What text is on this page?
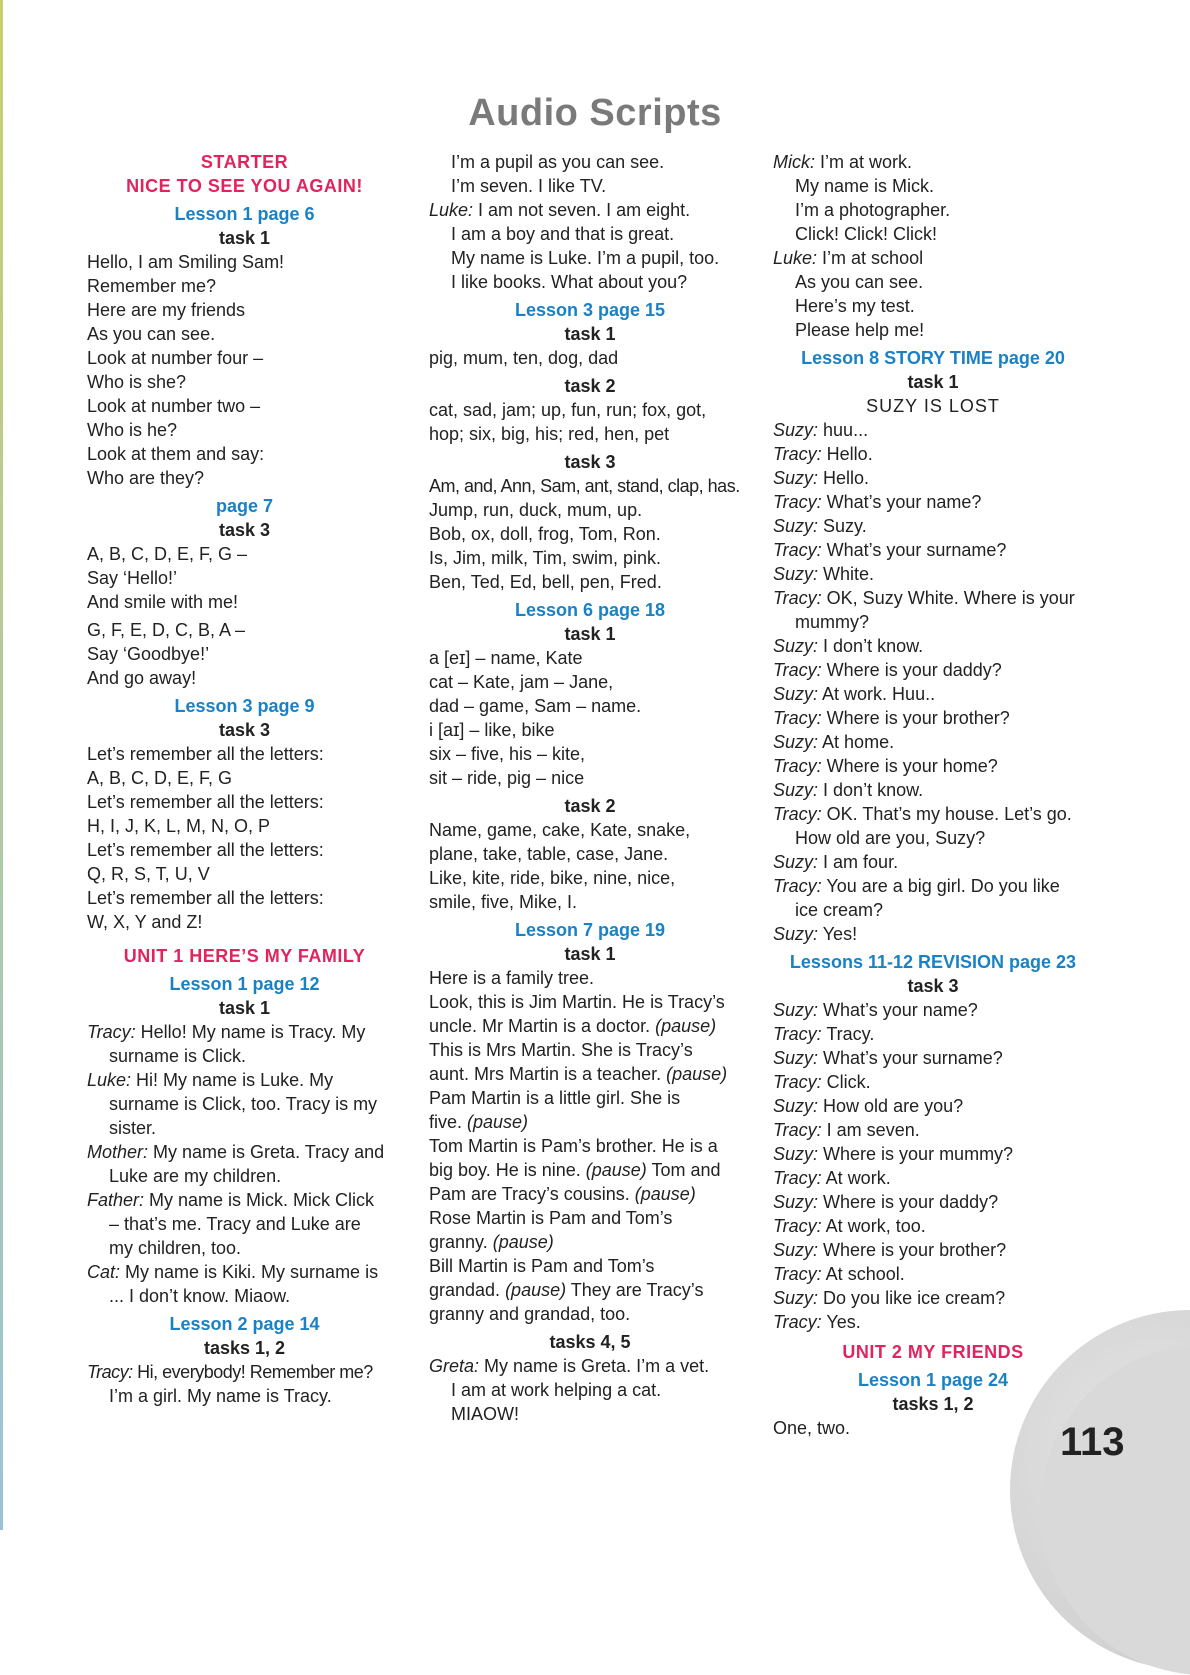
Audio Scripts
STARTER
NICE TO SEE YOU AGAIN!
Lesson 1 page 6
task 1
Hello, I am Smiling Sam!
Remember me?
Here are my friends
As you can see.
Look at number four –
Who is she?
Look at number two –
Who is he?
Look at them and say:
Who are they?
page 7
task 3
A, B, C, D, E, F, G –
Say ‘Hello!’
And smile with me!
G, F, E, D, C, B, A –
Say ‘Goodbye!’
And go away!
Lesson 3 page 9
task 3
Let’s remember all the letters:
A, B, C, D, E, F, G
Let’s remember all the letters:
H, I, J, K, L, M, N, O, P
Let’s remember all the letters:
Q, R, S, T, U, V
Let’s remember all the letters:
W, X, Y and Z!
UNIT 1 HERE’S MY FAMILY
Lesson 1 page 12
task 1
Tracy: Hello! My name is Tracy. My
surname is Click.
Luke: Hi! My name is Luke. My
surname is Click, too. Tracy is my
sister.
Mother: My name is Greta. Tracy and
Luke are my children.
Father: My name is Mick. Mick Click
– that’s me. Tracy and Luke are
my children, too.
Cat: My name is Kiki. My surname is
... I don’t know. Miaow.
Lesson 2 page 14
tasks 1, 2
Tracy: Hi, everybody! Remember me?
I’m a girl. My name is Tracy.
I’m a pupil as you can see.
I’m seven. I like TV.
Luke: I am not seven. I am eight.
I am a boy and that is great.
My name is Luke. I’m a pupil, too.
I like books. What about you?
Lesson 3 page 15
task 1
pig, mum, ten, dog, dad
task 2
cat, sad, jam; up, fun, run; fox, got,
hop; six, big, his; red, hen, pet
task 3
Am, and, Ann, Sam, ant, stand, clap, has.
Jump, run, duck, mum, up.
Bob, ox, doll, frog, Tom, Ron.
Is, Jim, milk, Tim, swim, pink.
Ben, Ted, Ed, bell, pen, Fred.
Lesson 6 page 18
task 1
a [eɪ] – name, Kate
cat – Kate, jam – Jane,
dad – game, Sam – name.
i [aɪ] – like, bike
six – five, his – kite,
sit – ride, pig – nice
task 2
Name, game, cake, Kate, snake,
plane, take, table, case, Jane.
Like, kite, ride, bike, nine, nice,
smile, five, Mike, I.
Lesson 7 page 19
task 1
Here is a family tree.
Look, this is Jim Martin. He is Tracy’s
uncle. Mr Martin is a doctor. (pause)
This is Mrs Martin. She is Tracy’s
aunt. Mrs Martin is a teacher. (pause)
Pam Martin is a little girl. She is
five. (pause)
Tom Martin is Pam’s brother. He is a
big boy. He is nine. (pause) Tom and
Pam are Tracy’s cousins. (pause)
Rose Martin is Pam and Tom’s
granny. (pause)
Bill Martin is Pam and Tom’s
grandad. (pause) They are Tracy’s
granny and grandad, too.
tasks 4, 5
Greta: My name is Greta. I’m a vet.
I am at work helping a cat.
MIAOW!
Mick: I’m at work.
My name is Mick.
I’m a photographer.
Click! Click! Click!
Luke: I’m at school
As you can see.
Here’s my test.
Please help me!
Lesson 8 STORY TIME page 20
task 1
SUZY IS LOST
Suzy: huu...
Tracy: Hello.
Suzy: Hello.
Tracy: What’s your name?
Suzy: Suzy.
Tracy: What’s your surname?
Suzy: White.
Tracy: OK, Suzy White. Where is your
mummy?
Suzy: I don’t know.
Tracy: Where is your daddy?
Suzy: At work. Huu..
Tracy: Where is your brother?
Suzy: At home.
Tracy: Where is your home?
Suzy: I don’t know.
Tracy: OK. That’s my house. Let’s go.
How old are you, Suzy?
Suzy: I am four.
Tracy: You are a big girl. Do you like
ice cream?
Suzy: Yes!
Lessons 11-12 REVISION page 23
task 3
Suzy: What’s your name?
Tracy: Tracy.
Suzy: What’s your surname?
Tracy: Click.
Suzy: How old are you?
Tracy: I am seven.
Suzy: Where is your mummy?
Tracy: At work.
Suzy: Where is your daddy?
Tracy: At work, too.
Suzy: Where is your brother?
Tracy: At school.
Suzy: Do you like ice cream?
Tracy: Yes.
UNIT 2 MY FRIENDS
Lesson 1 page 24
tasks 1, 2
One, two.	113
